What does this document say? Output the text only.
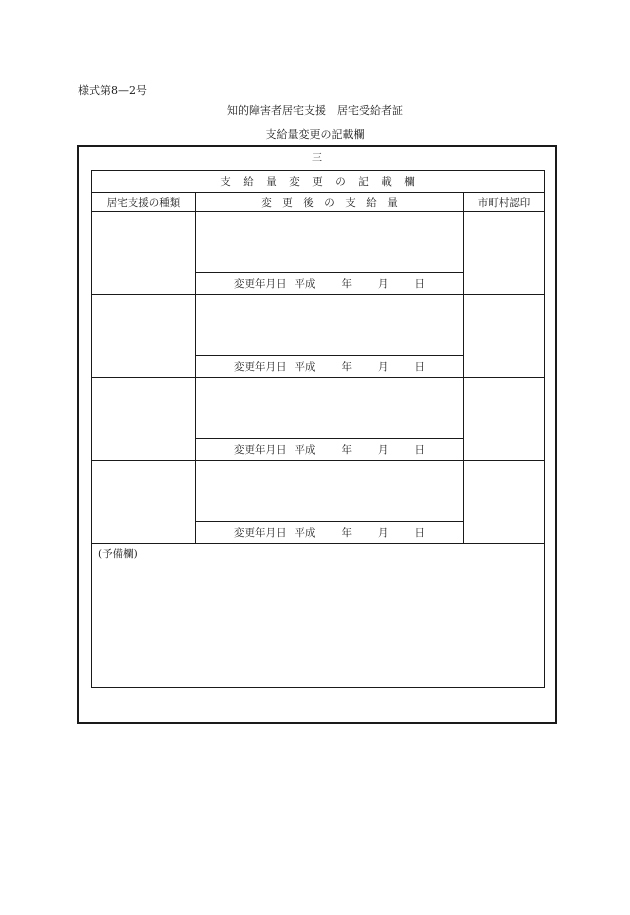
様式第8—2号
知的障害者居宅支援　居宅受給者証
支給量変更の記載欄
三
支　給　量　変　更　の　記　載　欄		
居宅支援の種類	変　更　後　の　支　給　量	市町村認印

	変更年月日 平成 年 月 日	

	変更年月日 平成 年 月 日	

	変更年月日 平成 年 月 日	

	変更年月日 平成 年 月 日	

(予備欄)		
